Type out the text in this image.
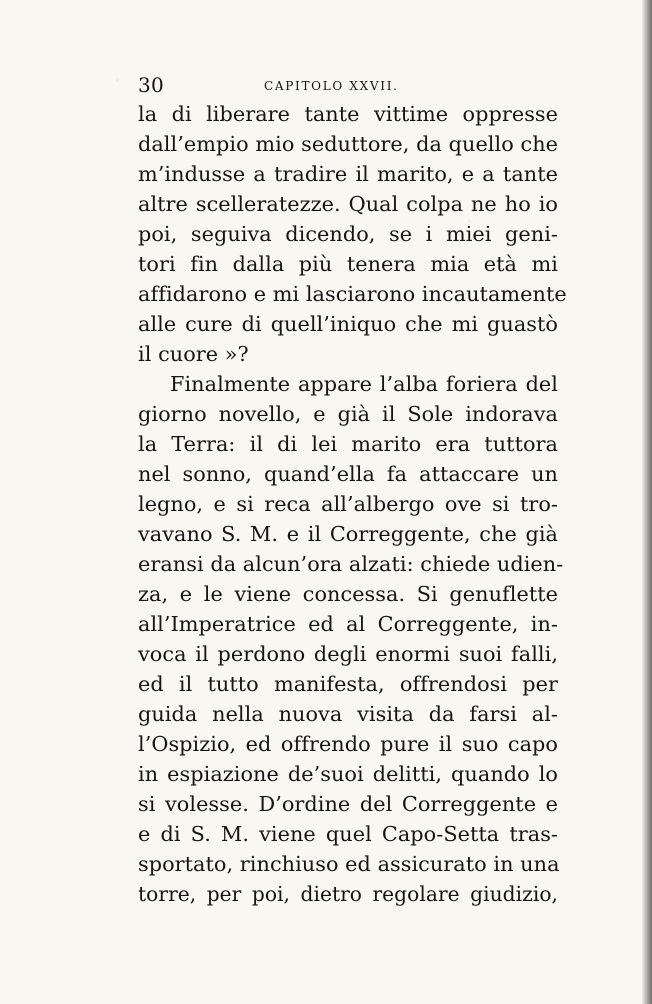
30	CAPITOLO XXVII.
la di liberare tante vittime oppresse
dall’empio mio seduttore, da quello che
m’indusse a tradire il marito, e a tante
altre scelleratezze. Qual colpa ne ho io
poi, seguiva dicendo, se i miei geni-
tori fin dalla più tenera mia età mi
affidarono e mi lasciarono incautamente
alle cure di quell’iniquo che mi guastò
il cuore »?
Finalmente appare l’alba foriera del
giorno novello, e già il Sole indorava
la Terra: il di lei marito era tuttora
nel sonno, quand’ella fa attaccare un
legno, e si reca all’albergo ove si tro-
vavano S. M. e il Correggente, che già
eransi da alcun’ora alzati: chiede udien-
za, e le viene concessa. Si genuflette
all’Imperatrice ed al Correggente, in-
voca il perdono degli enormi suoi falli,
ed il tutto manifesta, offrendosi per
guida nella nuova visita da farsi al-
l’Ospizio, ed offrendo pure il suo capo
in espiazione de’suoi delitti, quando lo
si volesse. D’ordine del Correggente e
e di S. M. viene quel Capo-Setta tras-
sportato, rinchiuso ed assicurato in una
torre, per poi, dietro regolare giudizio,
